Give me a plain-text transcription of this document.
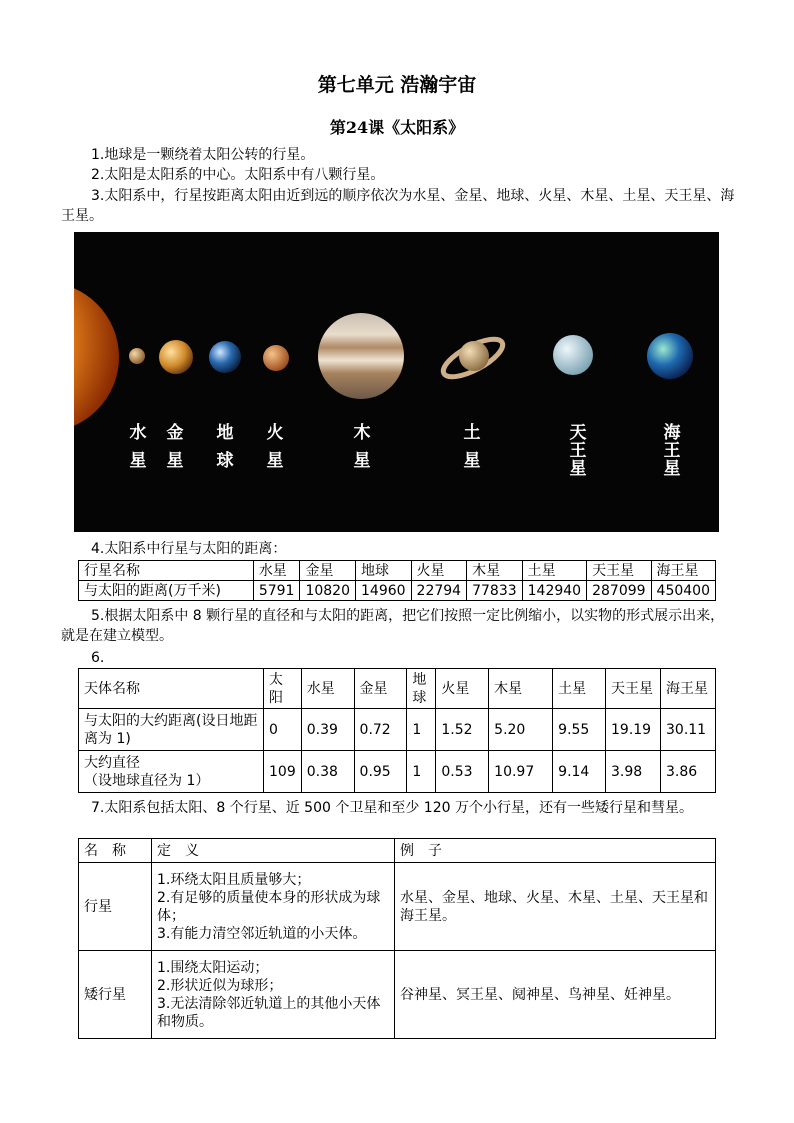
第七单元 浩瀚宇宙
第24课《太阳系》
1.地球是一颗绕着太阳公转的行星。
2.太阳是太阳系的中心。太阳系中有八颗行星。
3.太阳系中，行星按距离太阳由近到远的顺序依次为水星、金星、地球、火星、木星、土星、天王星、海王星。
水
星
金
星
地
球
火
星
木
星
土
星
天
王
星
海
王
星
4.太阳系中行星与太阳的距离：
行星名称	水星	金星	地球	火星	木星	土星	天王星	海王星
与太阳的距离(万千米)	5791	10820	14960	22794	77833	142940	287099	450400
5.根据太阳系中 8 颗行星的直径和与太阳的距离，把它们按照一定比例缩小，以实物的形式展示出来，就是在建立模型。
6.
天体名称	太阳	水星	金星	地球	火星	木星	土星	天王星	海王星
与太阳的大约距离(设日地距离为 1)	0	0.39	0.72	1	1.52	5.20	9.55	19.19	30.11

大约直径
（设地球直径为 1）	109	0.38	0.95	1	0.53	10.97	9.14	3.98	3.86
7.太阳系包括太阳、8 个行星、近 500 个卫星和至少 120 万个小行星，还有一些矮行星和彗星。
名　称	定　义	例　子
行星	1.环绕太阳且质量够大；
2.有足够的质量使本身的形状成为球体；
3.有能力清空邻近轨道的小天体。	水星、金星、地球、火星、木星、土星、天王星和海王星。
矮行星	1.围绕太阳运动；
2.形状近似为球形；
3.无法清除邻近轨道上的其他小天体和物质。	谷神星、冥王星、阋神星、鸟神星、妊神星。
